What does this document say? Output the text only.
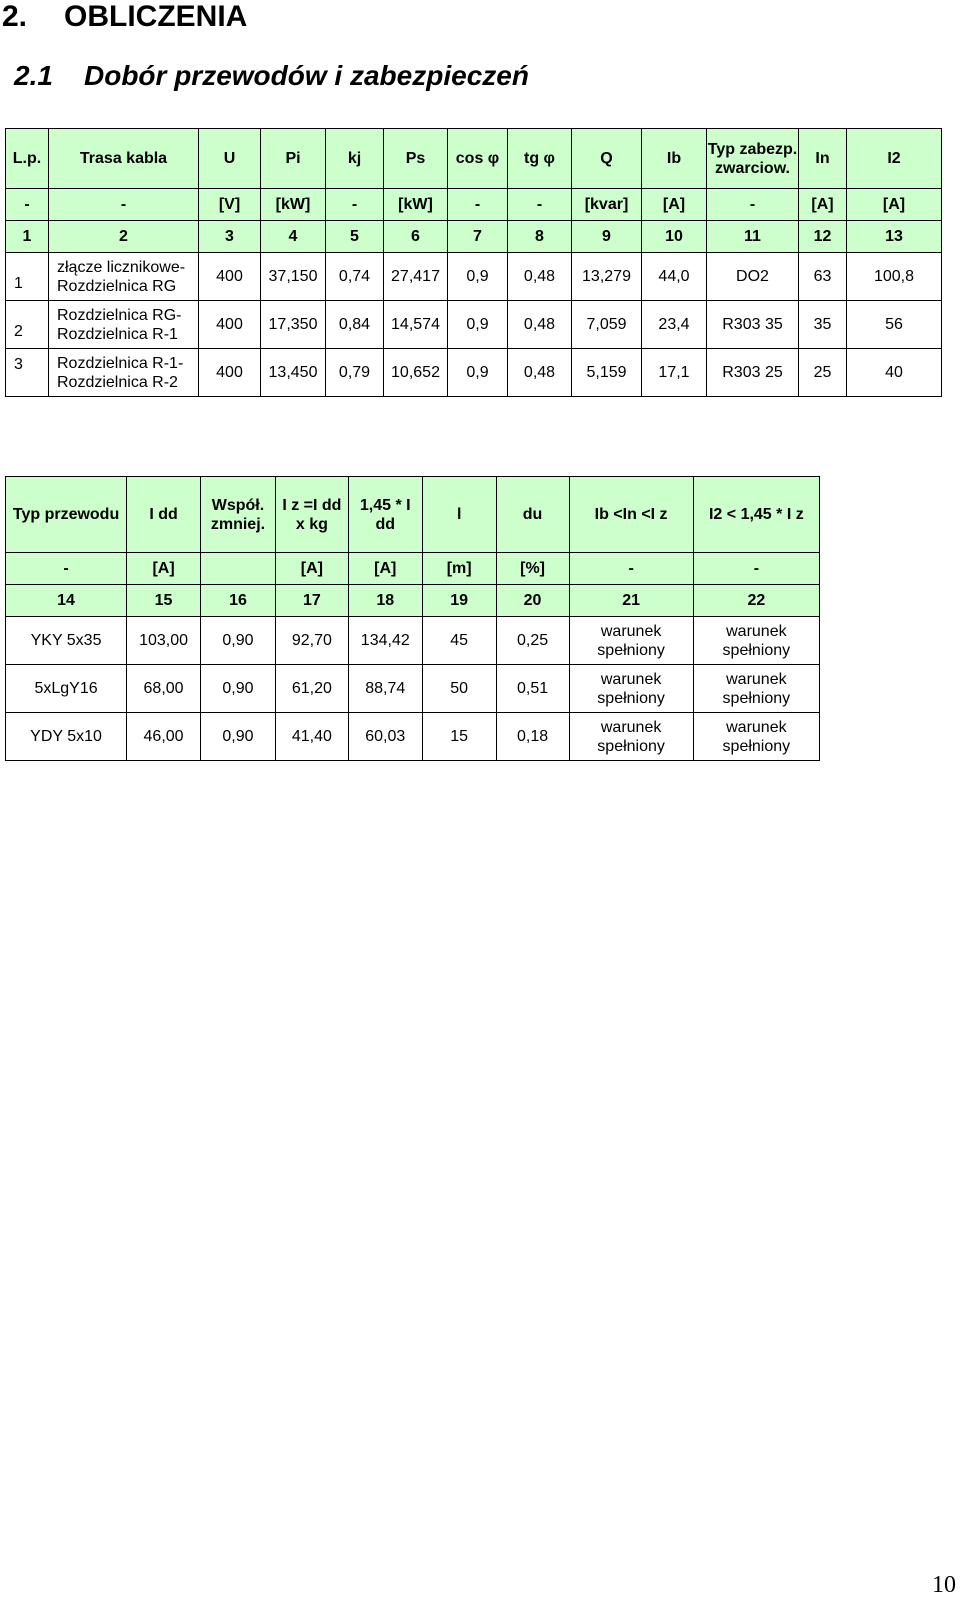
2. OBLICZENIA
2.1 Dobór przewodów i zabezpieczeń
L.p.	Trasa kabla	U	Pi	kj	Ps	cos φ	tg φ	Q	Ib	Typ zabezp. zwarciow.	In	I2
-	-	[V]	[kW]	-	[kW]	-	-	[kvar]	[A]	-	[A]	[A]
1	2	3	4	5	6	7	8	9	10	11	12	13
1	złącze licznikowe-Rozdzielnica RG	400	37,150	0,74	27,417	0,9	0,48	13,279	44,0	DO2	63	100,8
2	Rozdzielnica RG-Rozdzielnica R-1	400	17,350	0,84	14,574	0,9	0,48	7,059	23,4	R303 35	35	56
3	Rozdzielnica R-1-Rozdzielnica R-2	400	13,450	0,79	10,652	0,9	0,48	5,159	17,1	R303 25	25	40
Typ przewodu	I dd	Współ. zmniej.	I z =I dd x kg	1,45 * I dd	l	du	Ib <In <I z	I2 < 1,45 * I z
-	[A]		[A]	[A]	[m]	[%]	-	-
14	15	16	17	18	19	20	21	22
YKY 5x35	103,00	0,90	92,70	134,42	45	0,25	warunek spełniony	warunek spełniony
5xLgY16	68,00	0,90	61,20	88,74	50	0,51	warunek spełniony	warunek spełniony
YDY 5x10	46,00	0,90	41,40	60,03	15	0,18	warunek spełniony	warunek spełniony
10
